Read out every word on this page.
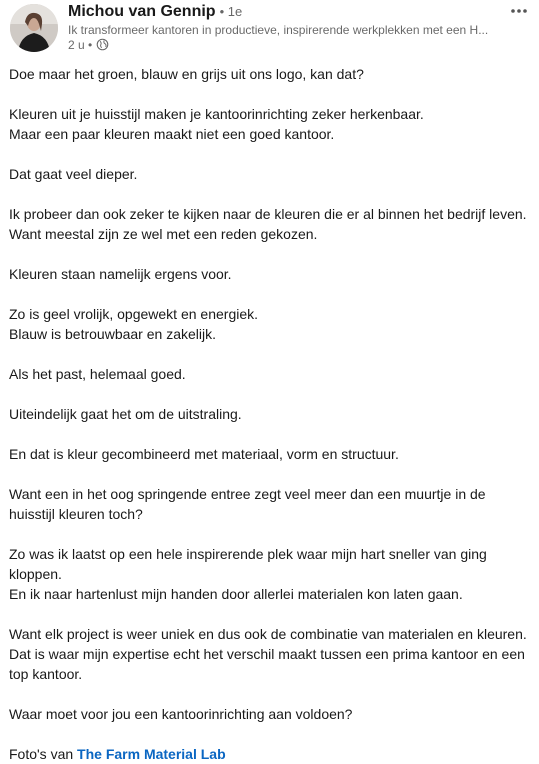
Michou van Gennip • 1e
Ik transformeer kantoren in productieve, inspirerende werkplekken met een H...
2 u •

Doe maar het groen, blauw en grijs uit ons logo, kan dat?

Kleuren uit je huisstijl maken je kantoorinrichting zeker herkenbaar.
Maar een paar kleuren maakt niet een goed kantoor.

Dat gaat veel dieper.

Ik probeer dan ook zeker te kijken naar de kleuren die er al binnen het bedrijf leven.
Want meestal zijn ze wel met een reden gekozen.

Kleuren staan namelijk ergens voor.

Zo is geel vrolijk, opgewekt en energiek.
Blauw is betrouwbaar en zakelijk.

Als het past, helemaal goed.

Uiteindelijk gaat het om de uitstraling.

En dat is kleur gecombineerd met materiaal, vorm en structuur.

Want een in het oog springende entree zegt veel meer dan een muurtje in de
huisstijl kleuren toch?

Zo was ik laatst op een hele inspirerende plek waar mijn hart sneller van ging
kloppen.
En ik naar hartenlust mijn handen door allerlei materialen kon laten gaan.

Want elk project is weer uniek en dus ook de combinatie van materialen en kleuren.
Dat is waar mijn expertise echt het verschil maakt tussen een prima kantoor en een
top kantoor.

Waar moet voor jou een kantoorinrichting aan voldoen?

Foto's van The Farm Material Lab
